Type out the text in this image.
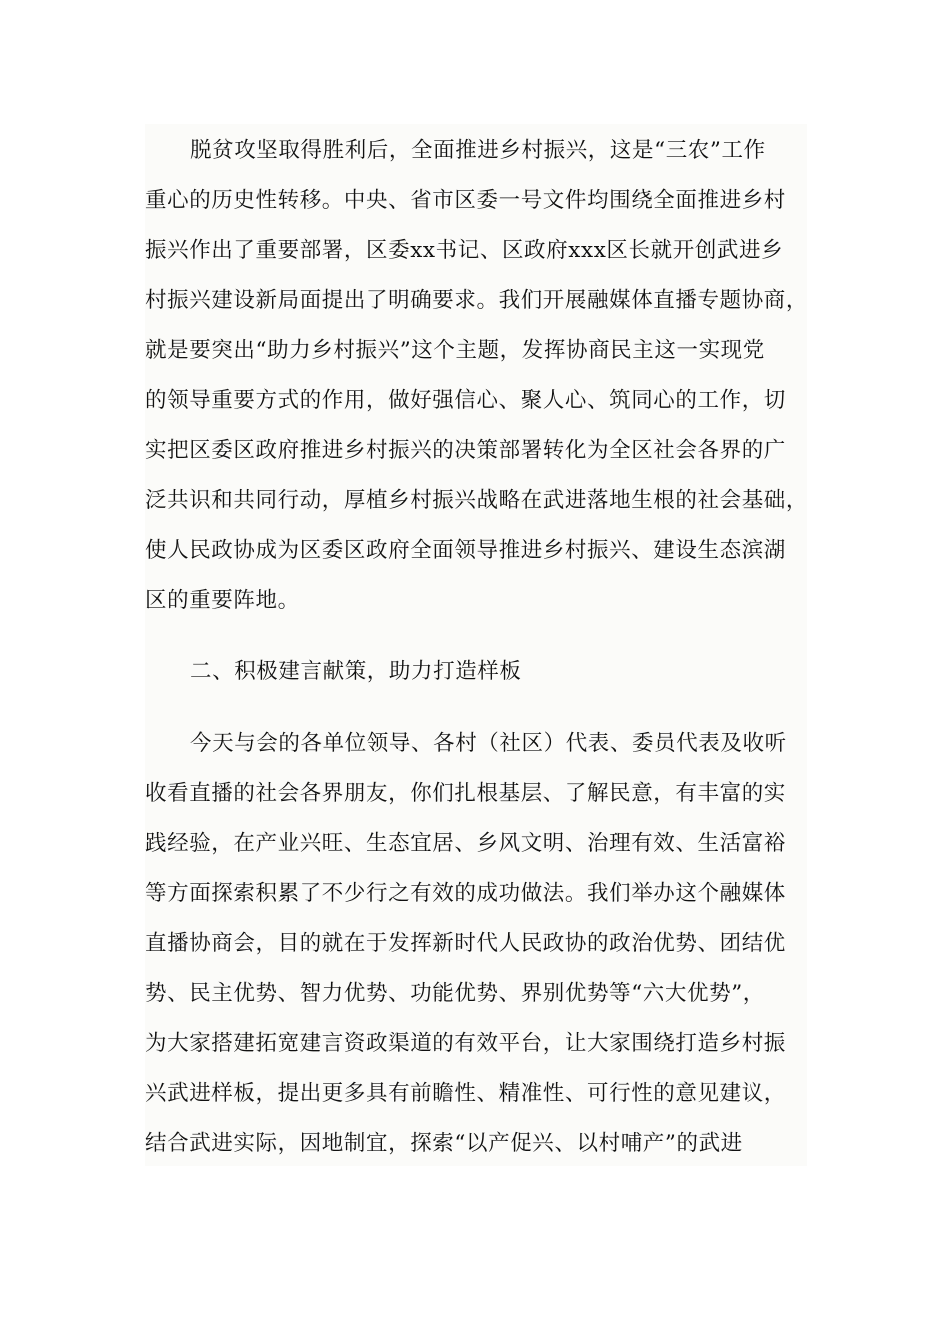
脱贫攻坚取得胜利后，全面推进乡村振兴，这是“三农”工作
重心的历史性转移。中央、省市区委一号文件均围绕全面推进乡村
振兴作出了重要部署，区委xx书记、区政府xxx区长就开创武进乡
村振兴建设新局面提出了明确要求。我们开展融媒体直播专题协商，
就是要突出“助力乡村振兴”这个主题，发挥协商民主这一实现党
的领导重要方式的作用，做好强信心、聚人心、筑同心的工作，切
实把区委区政府推进乡村振兴的决策部署转化为全区社会各界的广
泛共识和共同行动，厚植乡村振兴战略在武进落地生根的社会基础，
使人民政协成为区委区政府全面领导推进乡村振兴、建设生态滨湖
区的重要阵地。
二、积极建言献策，助力打造样板
今天与会的各单位领导、各村（社区）代表、委员代表及收听
收看直播的社会各界朋友，你们扎根基层、了解民意，有丰富的实
践经验，在产业兴旺、生态宜居、乡风文明、治理有效、生活富裕
等方面探索积累了不少行之有效的成功做法。我们举办这个融媒体
直播协商会，目的就在于发挥新时代人民政协的政治优势、团结优
势、民主优势、智力优势、功能优势、界别优势等“六大优势”，
为大家搭建拓宽建言资政渠道的有效平台，让大家围绕打造乡村振
兴武进样板，提出更多具有前瞻性、精准性、可行性的意见建议，
结合武进实际，因地制宜，探索“以产促兴、以村哺产”的武进
